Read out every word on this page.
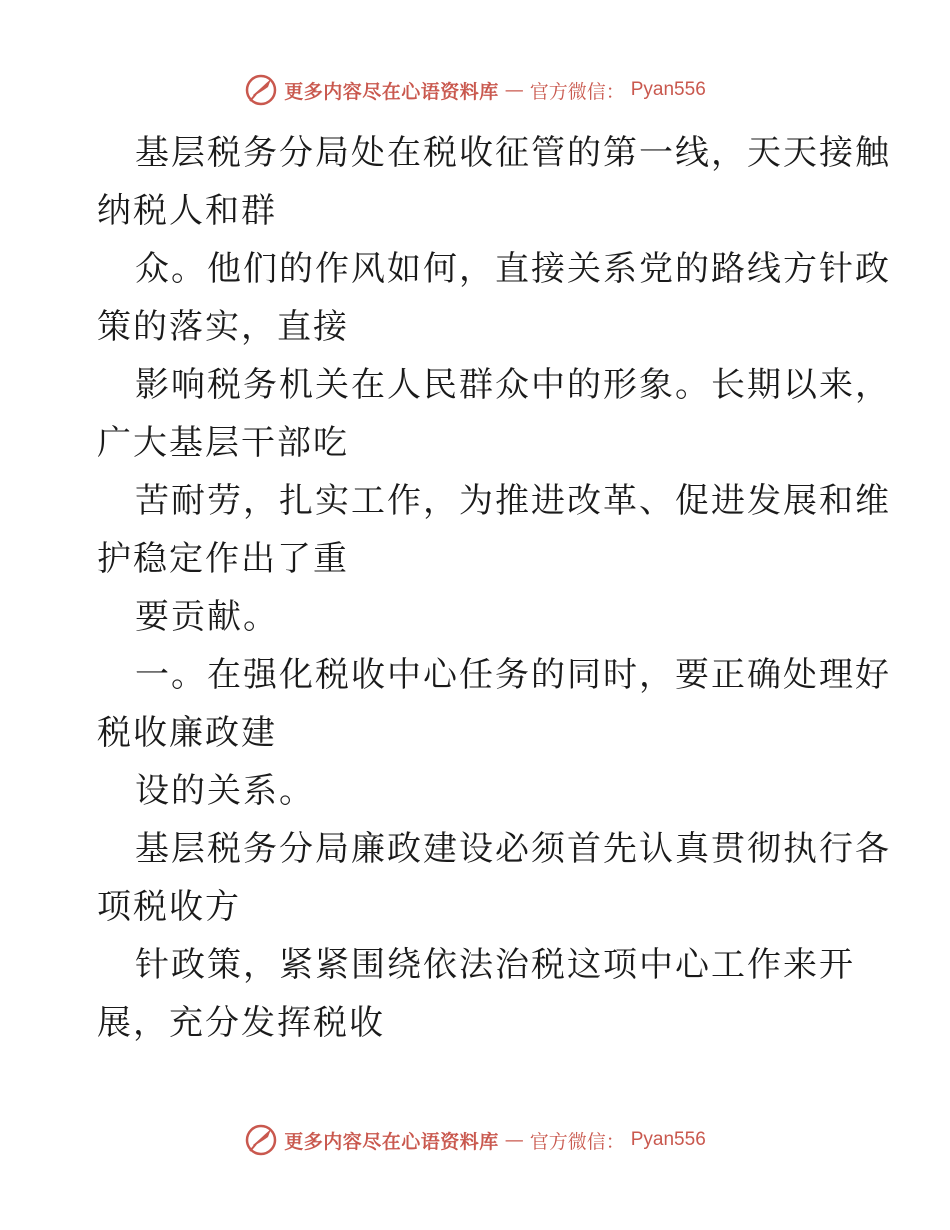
更多内容尽在心语资料库 — 官方微信： Pyan556
基层税务分局处在税收征管的第一线，天天接触
纳税人和群
众。他们的作风如何，直接关系党的路线方针政
策的落实，直接
影响税务机关在人民群众中的形象。长期以来，
广大基层干部吃
苦耐劳，扎实工作，为推进改革、促进发展和维
护稳定作出了重
要贡献。
一。在强化税收中心任务的同时，要正确处理好
税收廉政建
设的关系。
基层税务分局廉政建设必须首先认真贯彻执行各
项税收方
针政策，紧紧围绕依法治税这项中心工作来开
展，充分发挥税收
更多内容尽在心语资料库 — 官方微信： Pyan556
